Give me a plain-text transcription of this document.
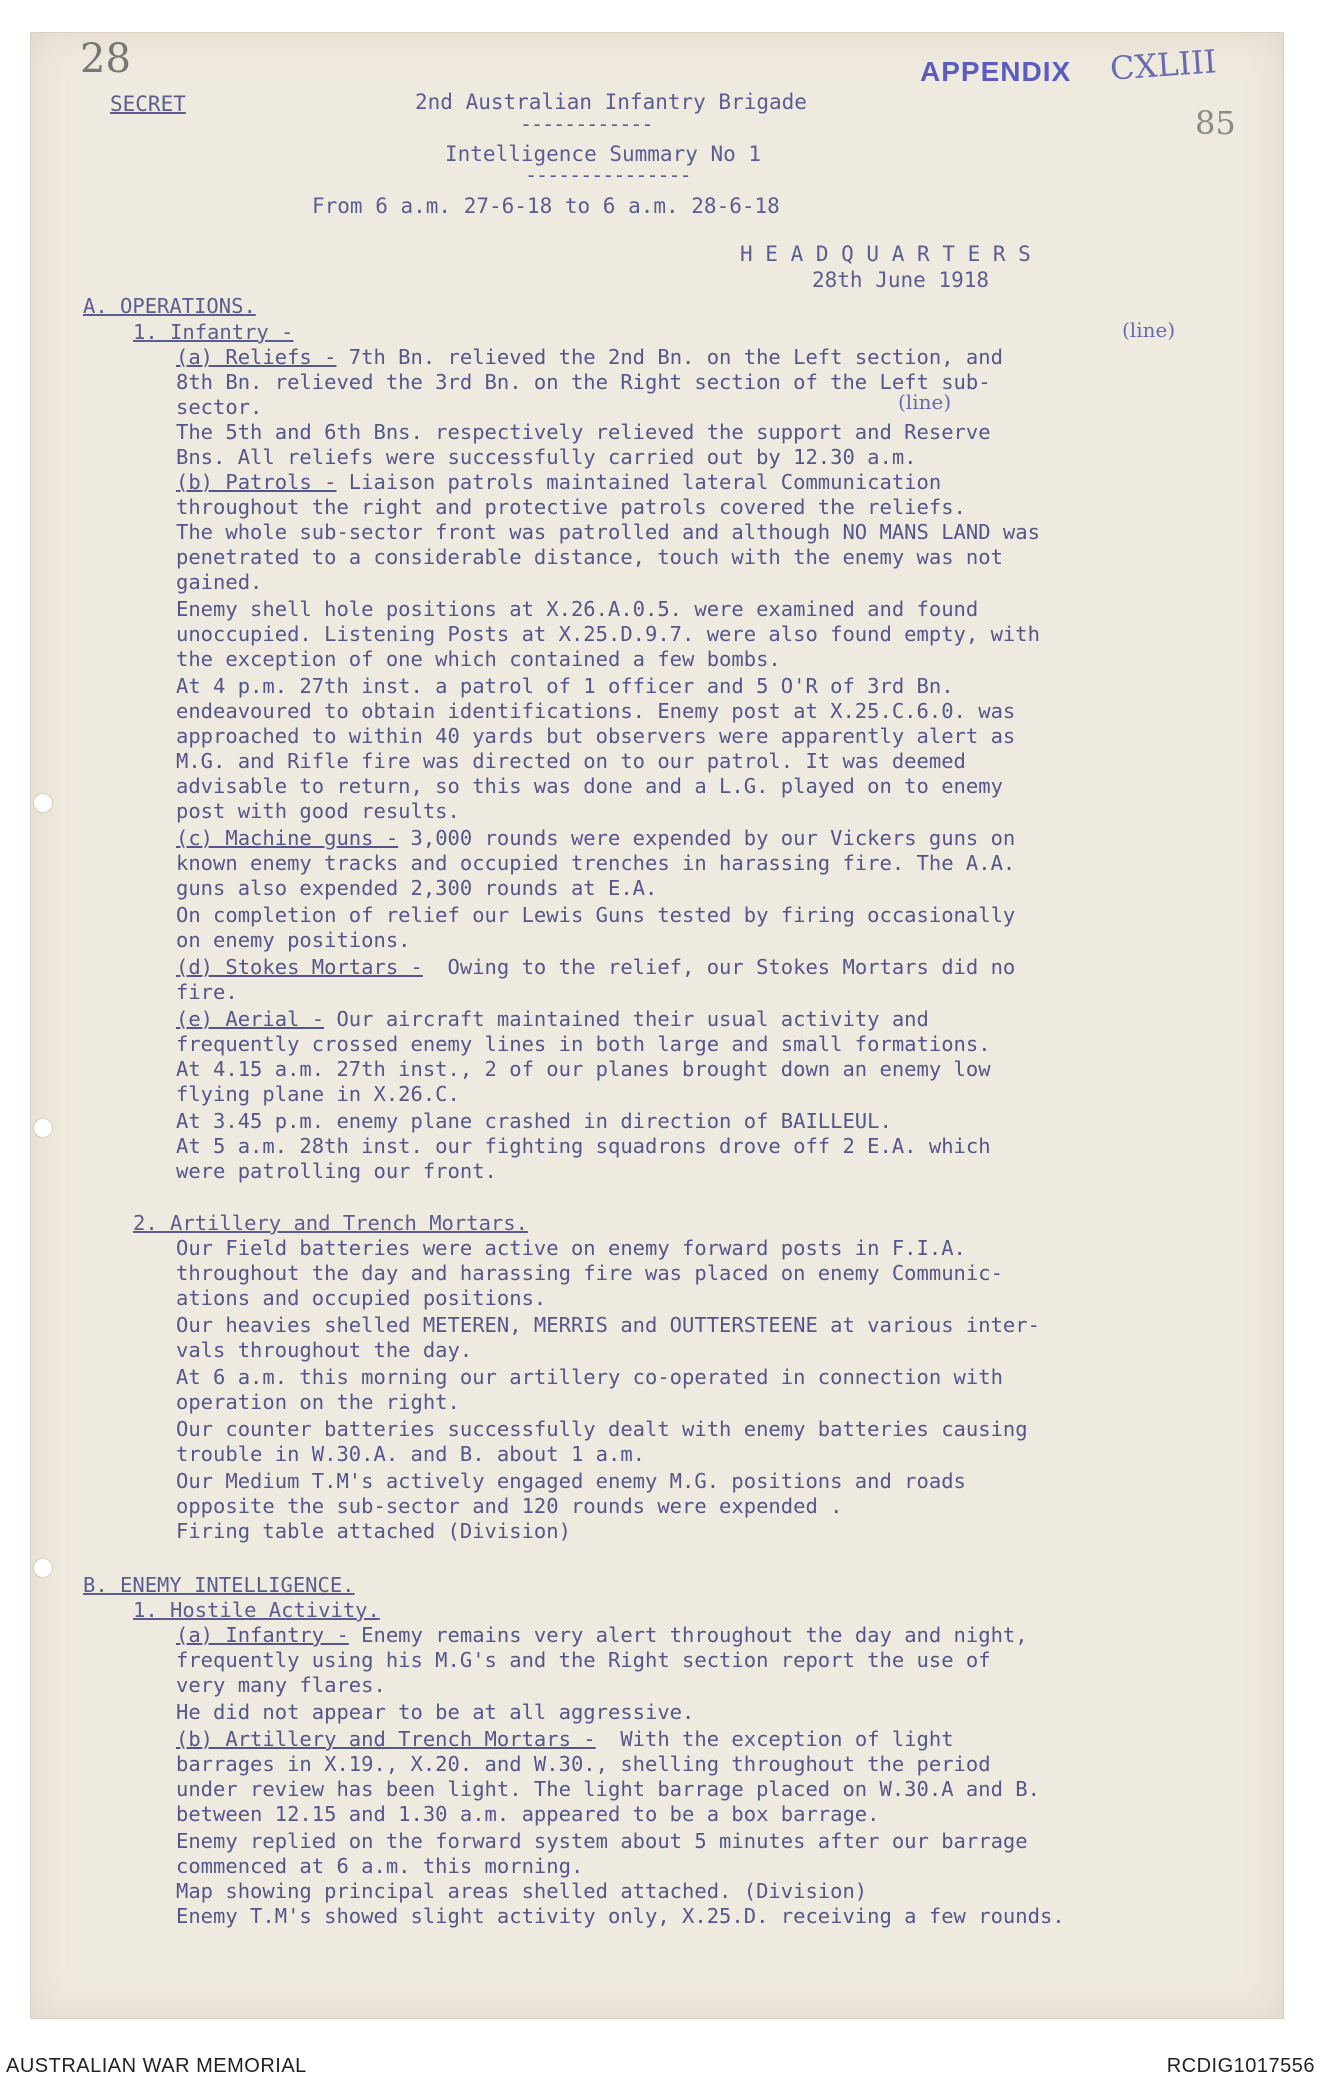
28	APPENDIX CXLIII
85
SECRET	2nd Australian Infantry Brigade
------------
Intelligence Summary No 1
---------------
From 6 a.m. 27-6-18 to 6 a.m. 28-6-18
H E A D Q U A R T E R S
28th June 1918
A. OPERATIONS.
1. Infantry -	(line)
(line)
(a) Reliefs - 7th Bn. relieved the 2nd Bn. on the Left section, and
8th Bn. relieved the 3rd Bn. on the Right section of the Left sub-
sector.
The 5th and 6th Bns. respectively relieved the support and Reserve
Bns. All reliefs were successfully carried out by 12.30 a.m.
(b) Patrols - Liaison patrols maintained lateral Communication
throughout the right and protective patrols covered the reliefs.
The whole sub-sector front was patrolled and although NO MANS LAND was
penetrated to a considerable distance, touch with the enemy was not
gained.
Enemy shell hole positions at X.26.A.0.5. were examined and found
unoccupied. Listening Posts at X.25.D.9.7. were also found empty, with
the exception of one which contained a few bombs.
At 4 p.m. 27th inst. a patrol of 1 officer and 5 O'R of 3rd Bn.
endeavoured to obtain identifications. Enemy post at X.25.C.6.0. was
approached to within 40 yards but observers were apparently alert as
M.G. and Rifle fire was directed on to our patrol. It was deemed
advisable to return, so this was done and a L.G. played on to enemy
post with good results.
(c) Machine guns - 3,000 rounds were expended by our Vickers guns on
known enemy tracks and occupied trenches in harassing fire. The A.A.
guns also expended 2,300 rounds at E.A.
On completion of relief our Lewis Guns tested by firing occasionally
on enemy positions.
(d) Stokes Mortars -  Owing to the relief, our Stokes Mortars did no
fire.
(e) Aerial - Our aircraft maintained their usual activity and
frequently crossed enemy lines in both large and small formations.
At 4.15 a.m. 27th inst., 2 of our planes brought down an enemy low
flying plane in X.26.C.
At 3.45 p.m. enemy plane crashed in direction of BAILLEUL.
At 5 a.m. 28th inst. our fighting squadrons drove off 2 E.A. which
were patrolling our front.
2. Artillery and Trench Mortars.
Our Field batteries were active on enemy forward posts in F.I.A.
throughout the day and harassing fire was placed on enemy Communic-
ations and occupied positions.
Our heavies shelled METEREN, MERRIS and OUTTERSTEENE at various inter-
vals throughout the day.
At 6 a.m. this morning our artillery co-operated in connection with
operation on the right.
Our counter batteries successfully dealt with enemy batteries causing
trouble in W.30.A. and B. about 1 a.m.
Our Medium T.M's actively engaged enemy M.G. positions and roads
opposite the sub-sector and 120 rounds were expended .
Firing table attached (Division)
B. ENEMY INTELLIGENCE.
1. Hostile Activity.
(a) Infantry - Enemy remains very alert throughout the day and night,
frequently using his M.G's and the Right section report the use of
very many flares.
He did not appear to be at all aggressive.
(b) Artillery and Trench Mortars -  With the exception of light
barrages in X.19., X.20. and W.30., shelling throughout the period
under review has been light. The light barrage placed on W.30.A and B.
between 12.15 and 1.30 a.m. appeared to be a box barrage.
Enemy replied on the forward system about 5 minutes after our barrage
commenced at 6 a.m. this morning.
Map showing principal areas shelled attached. (Division)
Enemy T.M's showed slight activity only, X.25.D. receiving a few rounds.
AUSTRALIAN WAR MEMORIAL	RCDIG1017556
